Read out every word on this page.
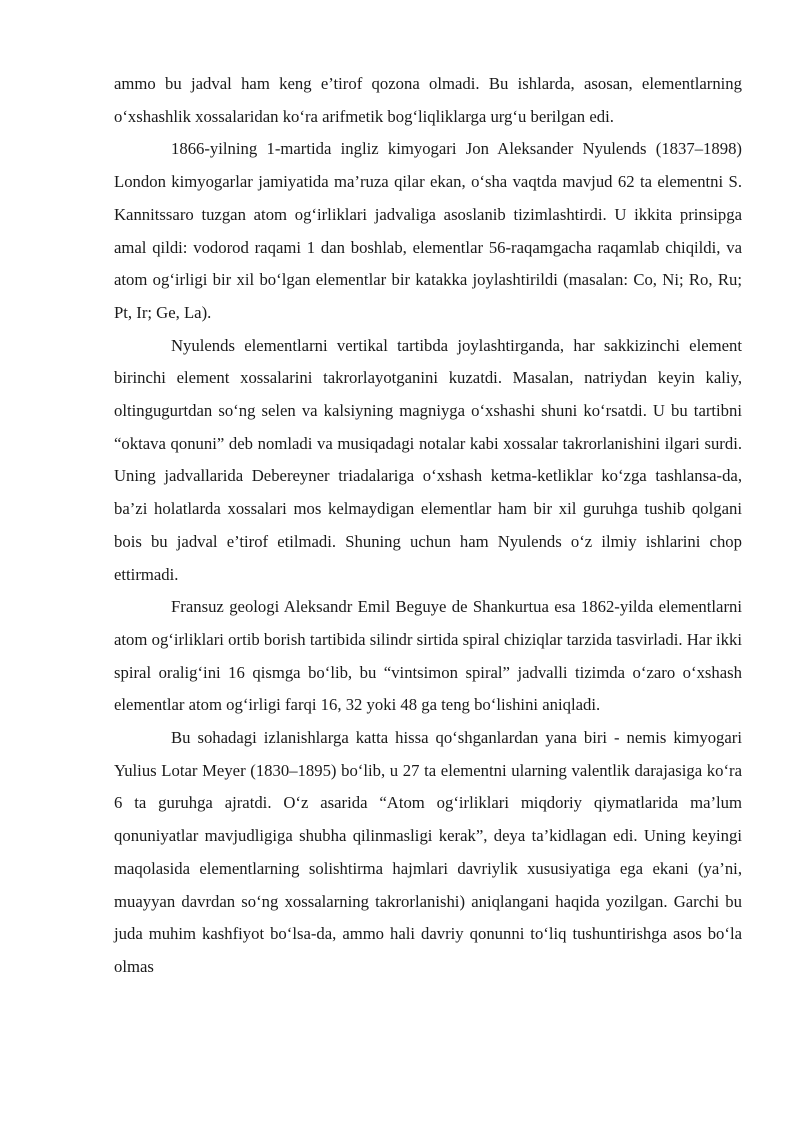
ammo bu jadval ham keng e’tirof qozona olmadi. Bu ishlarda, asosan, elementlarning o‘xshashlik xossalaridan ko‘ra arifmetik bog‘liqliklarga urg‘u berilgan edi.

1866-yilning 1-martida ingliz kimyogari Jon Aleksander Nyulends (1837–1898) London kimyogarlar jamiyatida ma’ruza qilar ekan, o‘sha vaqtda mavjud 62 ta elementni S. Kannitssaro tuzgan atom og‘irliklari jadvaliga asoslanib tizimlashtirdi. U ikkita prinsipga amal qildi: vodorod raqami 1 dan boshlab, elementlar 56-raqamgacha raqamlab chiqildi, va atom og‘irligi bir xil bo‘lgan elementlar bir katakka joylashtirildi (masalan: Co, Ni; Ro, Ru; Pt, Ir; Ge, La).

Nyulends elementlarni vertikal tartibda joylashtirganda, har sakkizinchi element birinchi element xossalarini takrorlayotganini kuzatdi. Masalan, natriydan keyin kaliy, oltingugurtdan so‘ng selen va kalsiyning magniyga o‘xshashi shuni ko‘rsatdi. U bu tartibni “oktava qonuni” deb nomladi va musiqadagi notalar kabi xossalar takrorlanishini ilgari surdi. Uning jadvallarida Debereyner triadalariga o‘xshash ketma-ketliklar ko‘zga tashlansa-da, ba’zi holatlarda xossalari mos kelmaydigan elementlar ham bir xil guruhga tushib qolgani bois bu jadval e’tirof etilmadi. Shuning uchun ham Nyulends o‘z ilmiy ishlarini chop ettirmadi.

Fransuz geologi Aleksandr Emil Beguye de Shankurtua esa 1862-yilda elementlarni atom og‘irliklari ortib borish tartibida silindr sirtida spiral chiziqlar tarzida tasvirladi. Har ikki spiral oralig‘ini 16 qismga bo‘lib, bu “vintsimon spiral” jadvalli tizimda o‘zaro o‘xshash elementlar atom og‘irligi farqi 16, 32 yoki 48 ga teng bo‘lishini aniqladi.

Bu sohadagi izlanishlarga katta hissa qo‘shganlardan yana biri - nemis kimyogari Yulius Lotar Meyer (1830–1895) bo‘lib, u 27 ta elementni ularning valentlik darajasiga ko‘ra 6 ta guruhga ajratdi. O‘z asarida “Atom og‘irliklari miqdoriy qiymatlarida ma’lum qonuniyatlar mavjudligiga shubha qilinmasligi kerak”, deya ta’kidlagan edi. Uning keyingi maqolasida elementlarning solishtirma hajmlari davriylik xususiyatiga ega ekani (ya’ni, muayyan davrdan so‘ng xossalarning takrorlanishi) aniqlangani haqida yozilgan. Garchi bu juda muhim kashfiyot bo‘lsa-da, ammo hali davriy qonunni to‘liq tushuntirishga asos bo‘la olmas
